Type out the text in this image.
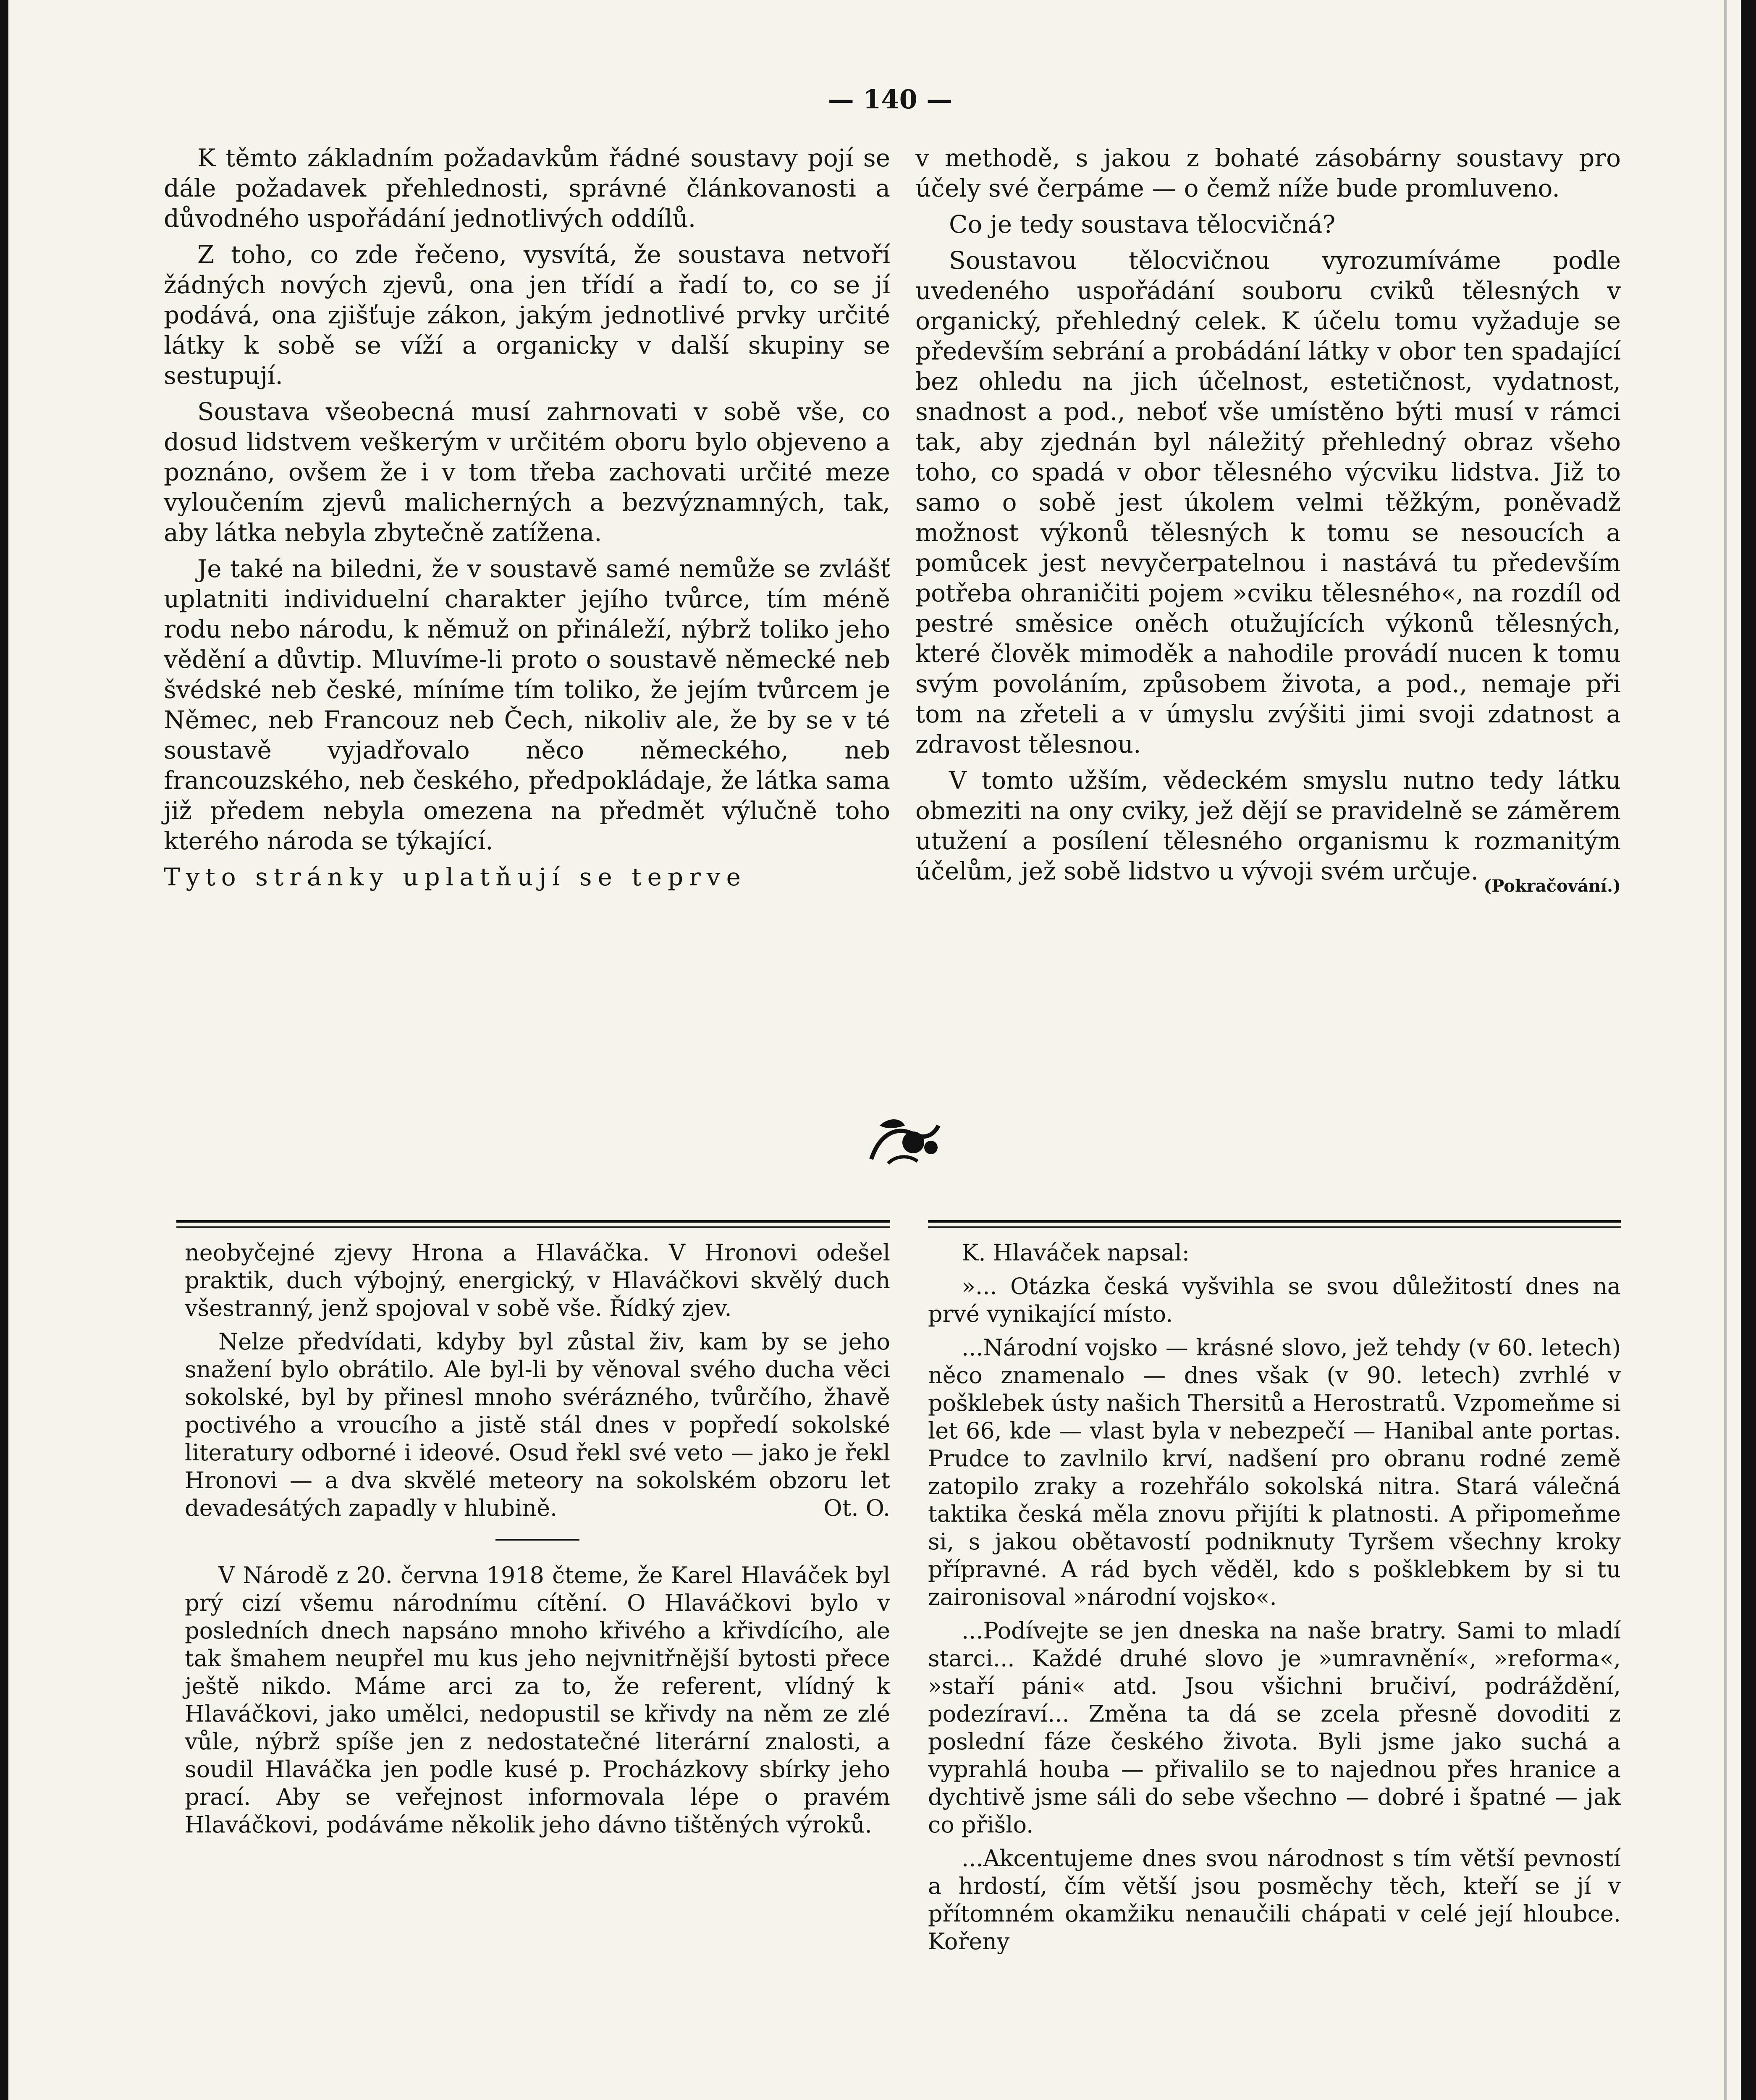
— 140 —

K těmto základním požadavkům řádné soustavy pojí se dále požadavek přehlednosti, správné článkovanosti a důvodného uspořádání jednotlivých oddílů.

Z toho, co zde řečeno, vysvítá, že soustava netvoří žádných nových zjevů, ona jen třídí a řadí to, co se jí podává, ona zjišťuje zákon, jakým jednotlivé prvky určité látky k sobě se víží a organicky v další skupiny se sestupují.

Soustava všeobecná musí zahrnovati v sobě vše, co dosud lidstvem veškerým v určitém oboru bylo objeveno a poznáno, ovšem že i v tom třeba zachovati určité meze vyloučením zjevů malicherných a bezvýznamných, tak, aby látka nebyla zbytečně zatížena.

Je také na biledni, že v soustavě samé nemůže se zvlášť uplatniti individuelní charakter jejího tvůrce, tím méně rodu nebo národu, k němuž on přináleží, nýbrž toliko jeho vědění a důvtip. Mluvíme-li proto o soustavě německé neb švédské neb české, míníme tím toliko, že jejím tvůrcem je Němec, neb Francouz neb Čech, nikoliv ale, že by se v té soustavě vyjadřovalo něco německého, neb francouzského, neb českého, předpokládaje, že látka sama již předem nebyla omezena na předmět výlučně toho kterého národa se týkající.

Tyto stránky uplatňují se teprve

v methodě, s jakou z bohaté zásobárny soustavy pro účely své čerpáme — o čemž níže bude promluveno.

Co je tedy soustava tělocvičná?

Soustavou tělocvičnou vyrozumíváme podle uvedeného uspořádání souboru cviků tělesných v organický, přehledný celek. K účelu tomu vyžaduje se především sebrání a probádání látky v obor ten spadající bez ohledu na jich účelnost, estetičnost, vydatnost, snadnost a pod., neboť vše umístěno býti musí v rámci tak, aby zjednán byl náležitý přehledný obraz všeho toho, co spadá v obor tělesného výcviku lidstva. Již to samo o sobě jest úkolem velmi těžkým, poněvadž možnost výkonů tělesných k tomu se nesoucích a pomůcek jest nevyčerpatelnou i nastává tu především potřeba ohraničiti pojem »cviku tělesného«, na rozdíl od pestré směsice oněch otužujících výkonů tělesných, které člověk mimoděk a nahodile provádí nucen k tomu svým povoláním, způsobem života, a pod., nemaje při tom na zřeteli a v úmyslu zvýšiti jimi svoji zdatnost a zdravost tělesnou.

V tomto užším, vědeckém smyslu nutno tedy látku obmeziti na ony cviky, jež dějí se pravidelně se záměrem utužení a posílení tělesného organismu k rozmanitým účelům, jež sobě lidstvo u vývoji svém určuje.

(Pokračování.)

neobyčejné zjevy Hrona a Hlaváčka. V Hronovi odešel praktik, duch výbojný, energický, v Hlaváčkovi skvělý duch všestranný, jenž spojoval v sobě vše. Řídký zjev.

Nelze předvídati, kdyby byl zůstal živ, kam by se jeho snažení bylo obrátilo. Ale byl-li by věnoval svého ducha věci sokolské, byl by přinesl mnoho svérázného, tvůrčího, žhavě poctivého a vroucího a jistě stál dnes v popředí sokolské literatury odborné i ideové. Osud řekl své veto — jako je řekl Hronovi — a dva skvělé meteory na sokolském obzoru let devadesátých zapadly v hlubině.	Ot. O.

V Národě z 20. června 1918 čteme, že Karel Hlaváček byl prý cizí všemu národnímu cítění. O Hlaváčkovi bylo v posledních dnech napsáno mnoho křivého a křivdícího, ale tak šmahem neupřel mu kus jeho nejvnitřnější bytosti přece ještě nikdo. Máme arci za to, že referent, vlídný k Hlaváčkovi, jako umělci, nedopustil se křivdy na něm ze zlé vůle, nýbrž spíše jen z nedostatečné literární znalosti, a soudil Hlaváčka jen podle kusé p. Procházkovy sbírky jeho prací. Aby se veřejnost informovala lépe o pravém Hlaváčkovi, podáváme několik jeho dávno tištěných výroků.

K. Hlaváček napsal:

»... Otázka česká vyšvihla se svou důležitostí dnes na prvé vynikající místo.

...Národní vojsko — krásné slovo, jež tehdy (v 60. letech) něco znamenalo — dnes však (v 90. letech) zvrhlé v pošklebek ústy našich Thersitů a Herostratů. Vzpomeňme si let 66, kde — vlast byla v nebezpečí — Hanibal ante portas. Prudce to zavlnilo krví, nadšení pro obranu rodné země zatopilo zraky a rozehřálo sokolská nitra. Stará válečná taktika česká měla znovu přijíti k platnosti. A připomeňme si, s jakou obětavostí podniknuty Tyršem všechny kroky přípravné. A rád bych věděl, kdo s pošklebkem by si tu zaironisoval »národní vojsko«.

...Podívejte se jen dneska na naše bratry. Sami to mladí starci... Každé druhé slovo je »umravnění«, »reforma«, »staří páni« atd. Jsou všichni bručiví, podráždění, podezíraví... Změna ta dá se zcela přesně dovoditi z poslední fáze českého života. Byli jsme jako suchá a vyprahlá houba — přivalilo se to najednou přes hranice a dychtivě jsme sáli do sebe všechno — dobré i špatné — jak co přišlo.

...Akcentujeme dnes svou národnost s tím větší pevností a hrdostí, čím větší jsou posměchy těch, kteří se jí v přítomném okamžiku nenaučili chápati v celé její hloubce. Kořeny
